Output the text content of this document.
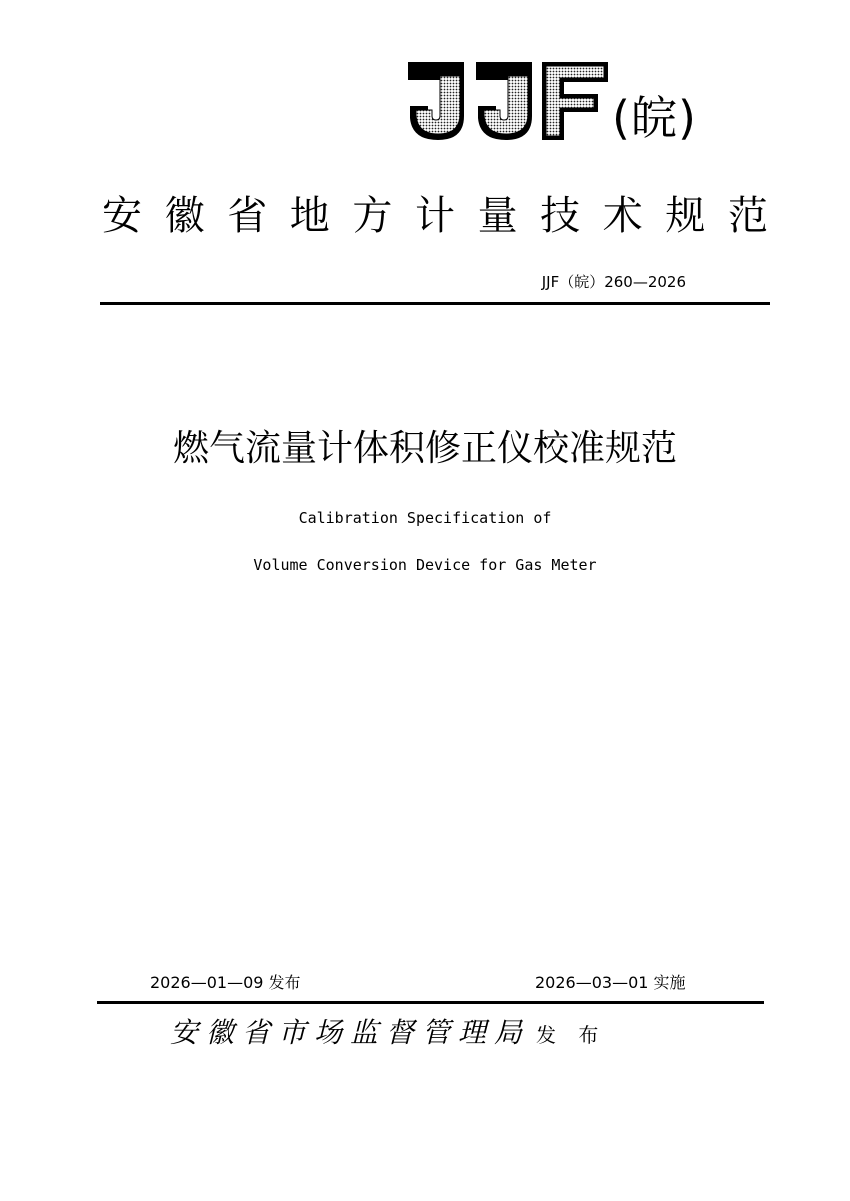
(皖)
安 徽 省 地 方 计 量 技 术 规 范
JJF（皖）260—2026
燃气流量计体积修正仪校准规范
Calibration Specification of
Volume Conversion Device for Gas Meter
2026—01—09 发布	2026—03—01 实施
安徽省市场监督管理局 发 布
